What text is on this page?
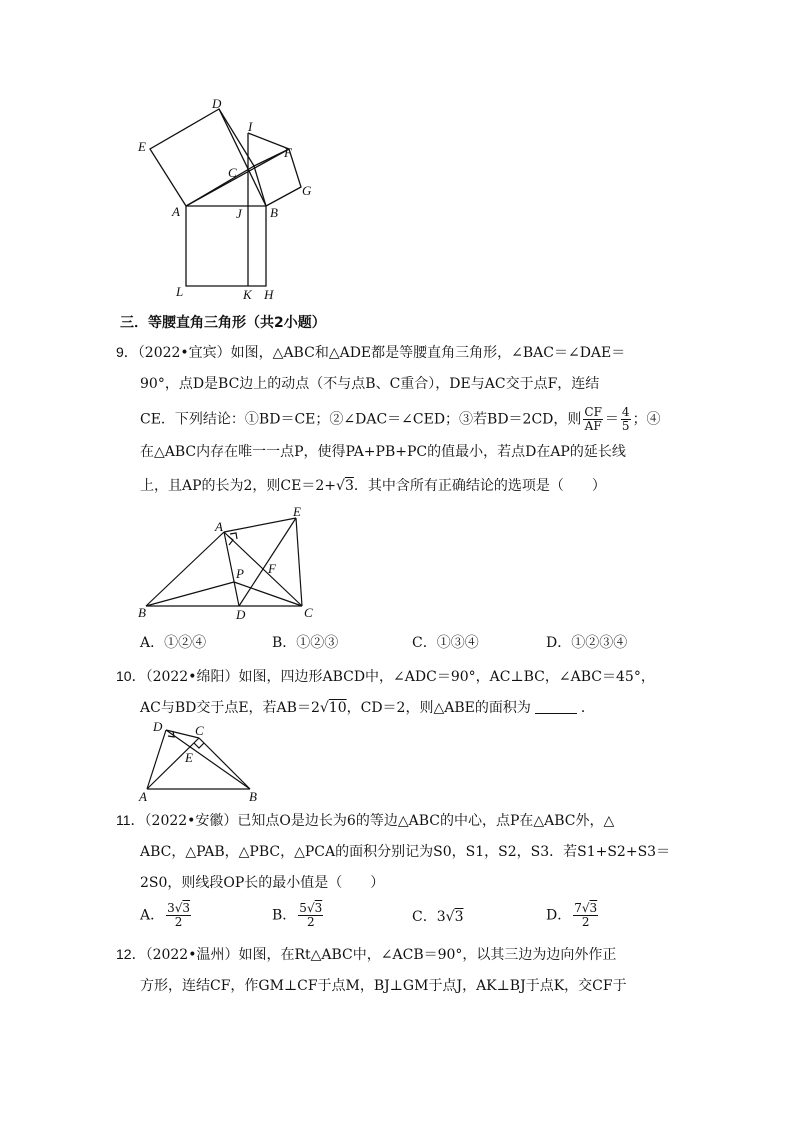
D
I
E	F
C
G
A	J B
L	K H
三．等腰直角三角形（共2小题）
9．（2022•宜宾）如图，△ABC和△ADE都是等腰直角三角形，∠BAC＝∠DAE＝
90°，点D是BC边上的动点（不与点B、C重合），DE与AC交于点F，连结
CE．下列结论：①BD＝CE；②∠DAC＝∠CED；③若BD＝2CD，则 $\frac{CF}{AF} = \frac{4}{5}$ ；④
在△ABC内存在唯一一点P，使得PA+PB+PC的值最小，若点D在AP的延长线
上，且AP的长为2，则CE＝2+√3．其中含所有正确结论的选项是（　　）
A
E
P F
B	D	C
A．①②④	B．①②③	C．①③④	D．①②③④
10．（2022•绵阳）如图，四边形ABCD中，∠ADC＝90°，AC⊥BC，∠ABC＝45°，
AC与BD交于点E，若AB＝2√10，CD＝2，则△ABE的面积为	．
D	C
E
A	B
11．（2022•安徽）已知点O是边长为6的等边△ABC的中心，点P在△ABC外，△
ABC，△PAB，△PBC，△PCA的面积分别记为S0，S1，S2，S3．若S1+S2+S3＝
2S0，则线段OP长的最小值是（　　）
A． $\frac{3√3}{2}$	B． $\frac{5√3}{2}$	C．3√3	D． $\frac{7√3}{2}$
12．（2022•温州）如图，在Rt△ABC中，∠ACB＝90°，以其三边为边向外作正
方形，连结CF，作GM⊥CF于点M，BJ⊥GM于点J，AK⊥BJ于点K，交CF于
